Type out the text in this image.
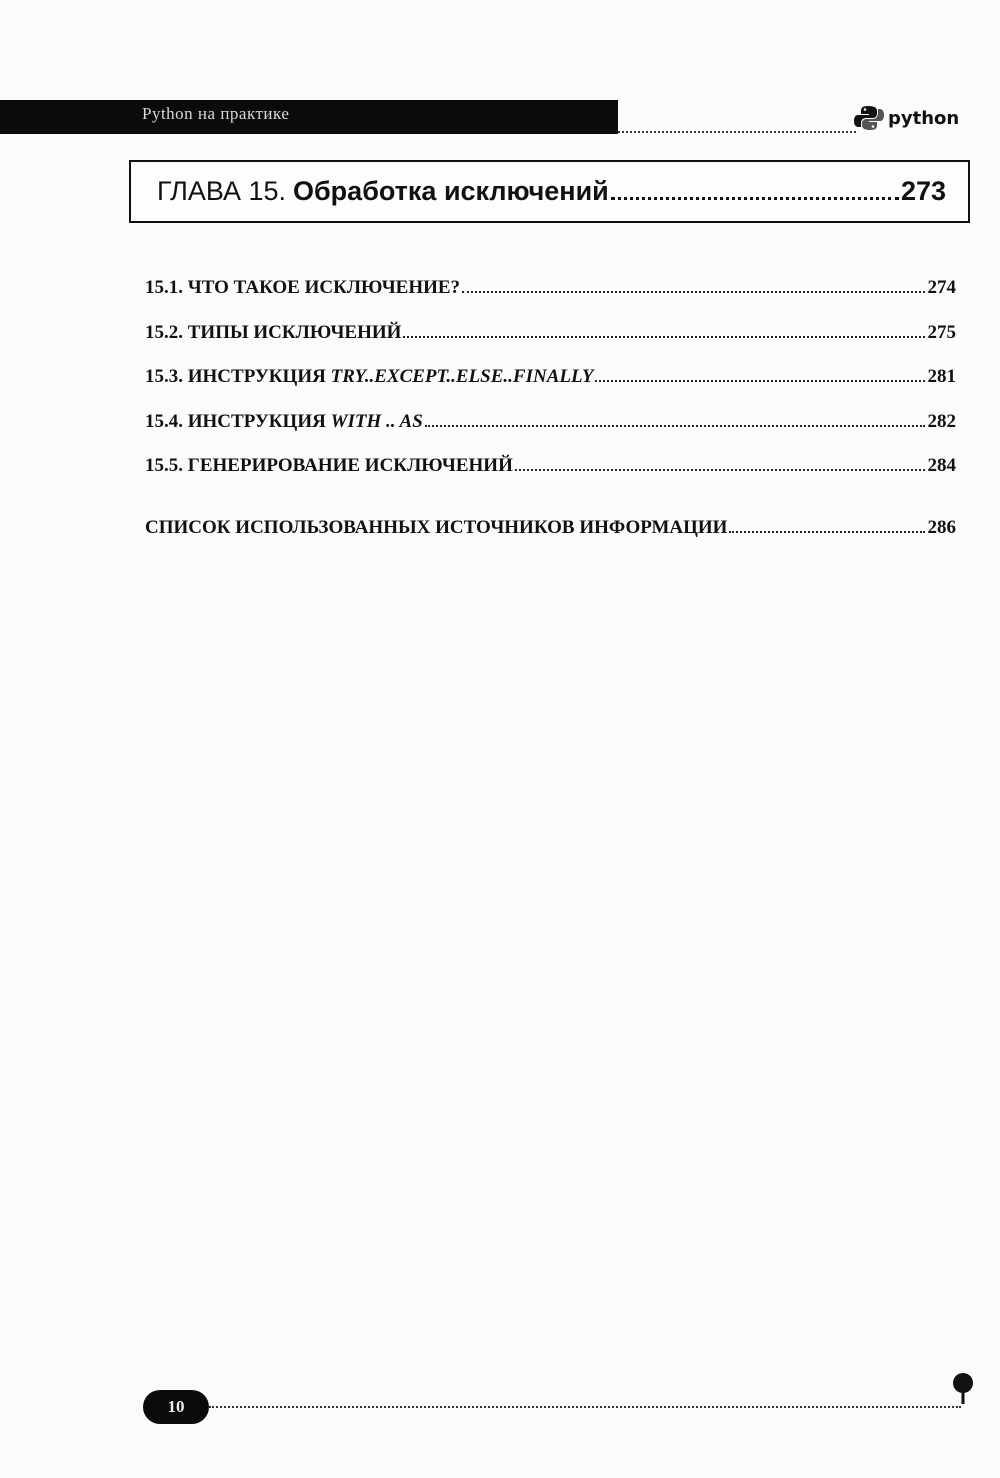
Python на практике	python
ГЛАВА 15. Обработка исключений	273
15.1. ЧТО ТАКОЕ ИСКЛЮЧЕНИЕ?	274
15.2. ТИПЫ ИСКЛЮЧЕНИЙ	275
15.3. ИНСТРУКЦИЯ TRY..EXCEPT..ELSE..FINALLY	281
15.4. ИНСТРУКЦИЯ WITH .. AS	282
15.5. ГЕНЕРИРОВАНИЕ ИСКЛЮЧЕНИЙ	284
СПИСОК ИСПОЛЬЗОВАННЫХ ИСТОЧНИКОВ ИНФОРМАЦИИ	286
10
